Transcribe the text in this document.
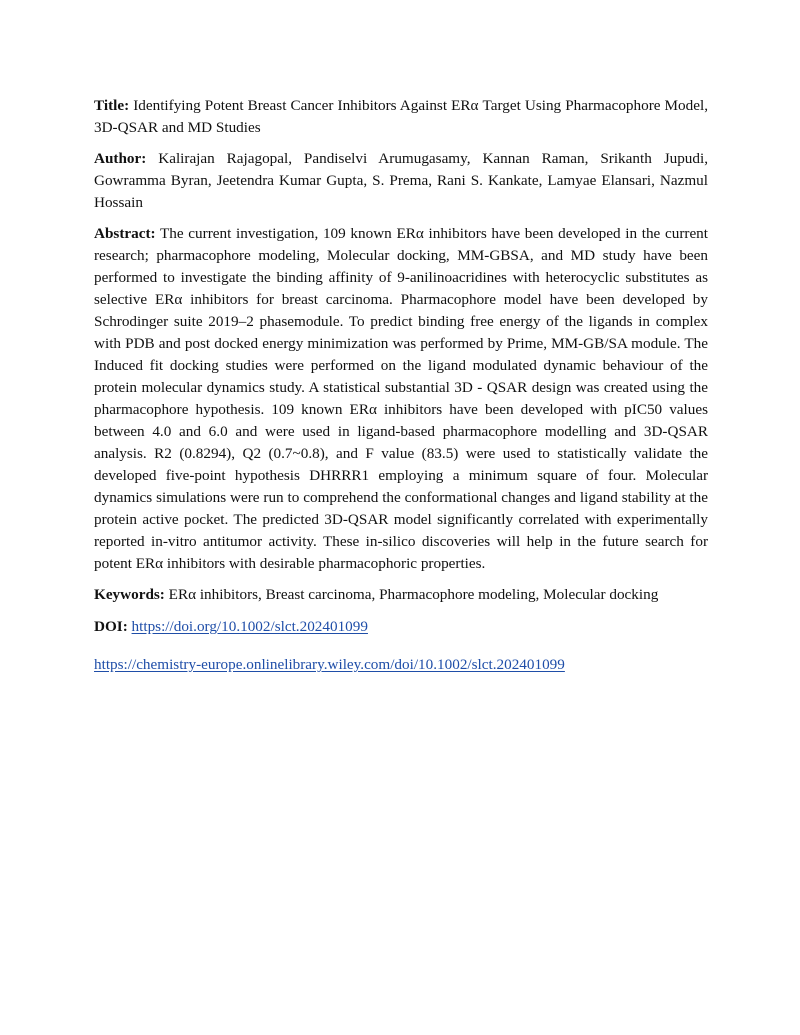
Title: Identifying Potent Breast Cancer Inhibitors Against ERα Target Using Pharmacophore Model, 3D-QSAR and MD Studies

Author: Kalirajan Rajagopal, Pandiselvi Arumugasamy, Kannan Raman, Srikanth Jupudi, Gowramma Byran, Jeetendra Kumar Gupta, S. Prema, Rani S. Kankate, Lamyae Elansari, Nazmul Hossain

Abstract: The current investigation, 109 known ERα inhibitors have been developed in the current research; pharmacophore modeling, Molecular docking, MM-GBSA, and MD study have been performed to investigate the binding affinity of 9-anilinoacridines with heterocyclic substitutes as selective ERα inhibitors for breast carcinoma. Pharmacophore model have been developed by Schrodinger suite 2019–2 phasemodule. To predict binding free energy of the ligands in complex with PDB and post docked energy minimization was performed by Prime, MM-GB/SA module. The Induced fit docking studies were performed on the ligand modulated dynamic behaviour of the protein molecular dynamics study. A statistical substantial 3D - QSAR design was created using the pharmacophore hypothesis. 109 known ERα inhibitors have been developed with pIC50 values between 4.0 and 6.0 and were used in ligand-based pharmacophore modelling and 3D-QSAR analysis. R2 (0.8294), Q2 (0.7~0.8), and F value (83.5) were used to statistically validate the developed five-point hypothesis DHRRR1 employing a minimum square of four. Molecular dynamics simulations were run to comprehend the conformational changes and ligand stability at the protein active pocket. The predicted 3D-QSAR model significantly correlated with experimentally reported in-vitro antitumor activity. These in-silico discoveries will help in the future search for potent ERα inhibitors with desirable pharmacophoric properties.

Keywords: ERα inhibitors, Breast carcinoma, Pharmacophore modeling, Molecular docking

DOI: https://doi.org/10.1002/slct.202401099

https://chemistry-europe.onlinelibrary.wiley.com/doi/10.1002/slct.202401099
